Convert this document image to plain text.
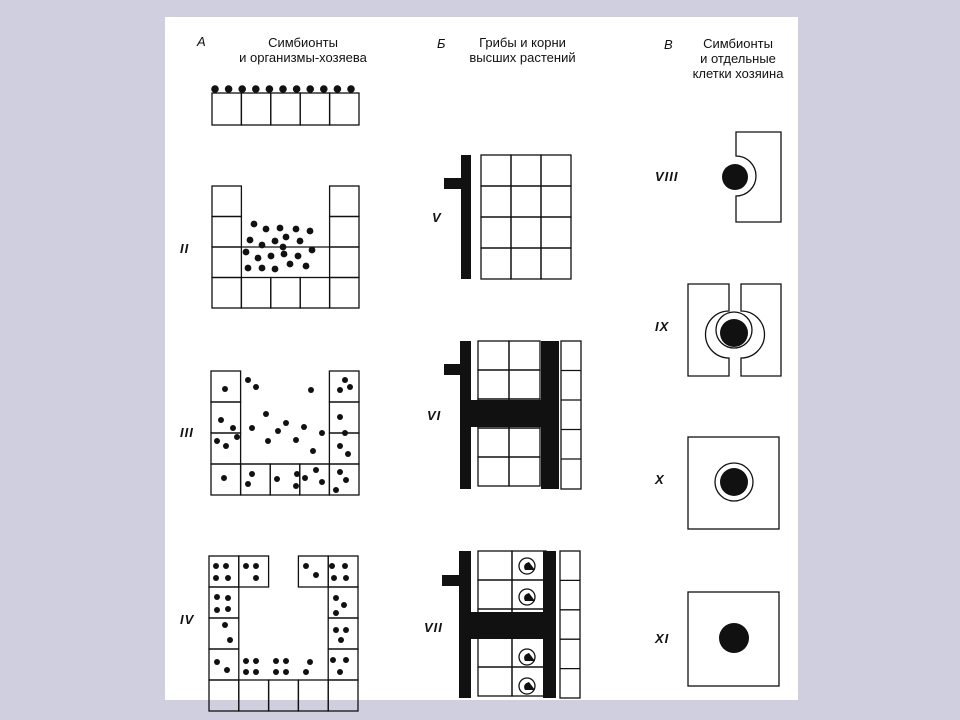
А	Симбионты
и организмы-хозяева
Б	Грибы и корни
высших растений
В	Симбионты
и отдельные
клетки хозяина
II
III
IV
V
VI
VII
VIII
IX
X
XI
